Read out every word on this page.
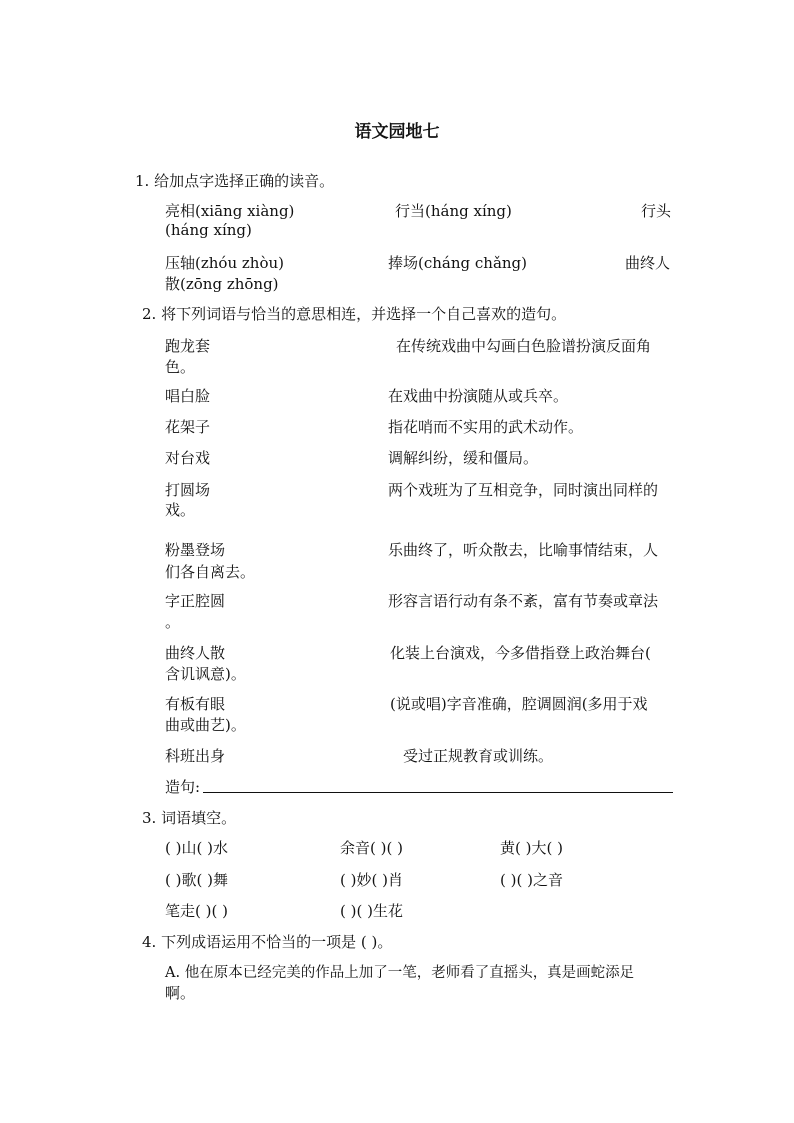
语文园地七
1. 给加点字选择正确的读音。
亮相(xiāng xiàng)	行当(háng xíng)	行头
(háng xíng)
压轴(zhóu zhòu)	捧场(cháng chǎng)	曲终人
散(zōng zhōng)
2. 将下列词语与恰当的意思相连，并选择一个自己喜欢的造句。
跑龙套	在传统戏曲中勾画白色脸谱扮演反面角
色。
唱白脸	在戏曲中扮演随从或兵卒。
花架子	指花哨而不实用的武术动作。
对台戏	调解纠纷，缓和僵局。
打圆场	两个戏班为了互相竞争，同时演出同样的
戏。
粉墨登场	乐曲终了，听众散去，比喻事情结束，人
们各自离去。
字正腔圆	形容言语行动有条不紊，富有节奏或章法
。
曲终人散	化装上台演戏，今多借指登上政治舞台(
含讥讽意)。
有板有眼	(说或唱)字音准确，腔调圆润(多用于戏
曲或曲艺)。
科班出身	受过正规教育或训练。
造句:
3. 词语填空。
( )山( )水	余音( )( )	黄( )大( )
( )歌( )舞	( )妙( )肖	( )( )之音
笔走( )( )	( )( )生花
4. 下列成语运用不恰当的一项是 ( )。
A. 他在原本已经完美的作品上加了一笔，老师看了直摇头，真是画蛇添足
啊。
